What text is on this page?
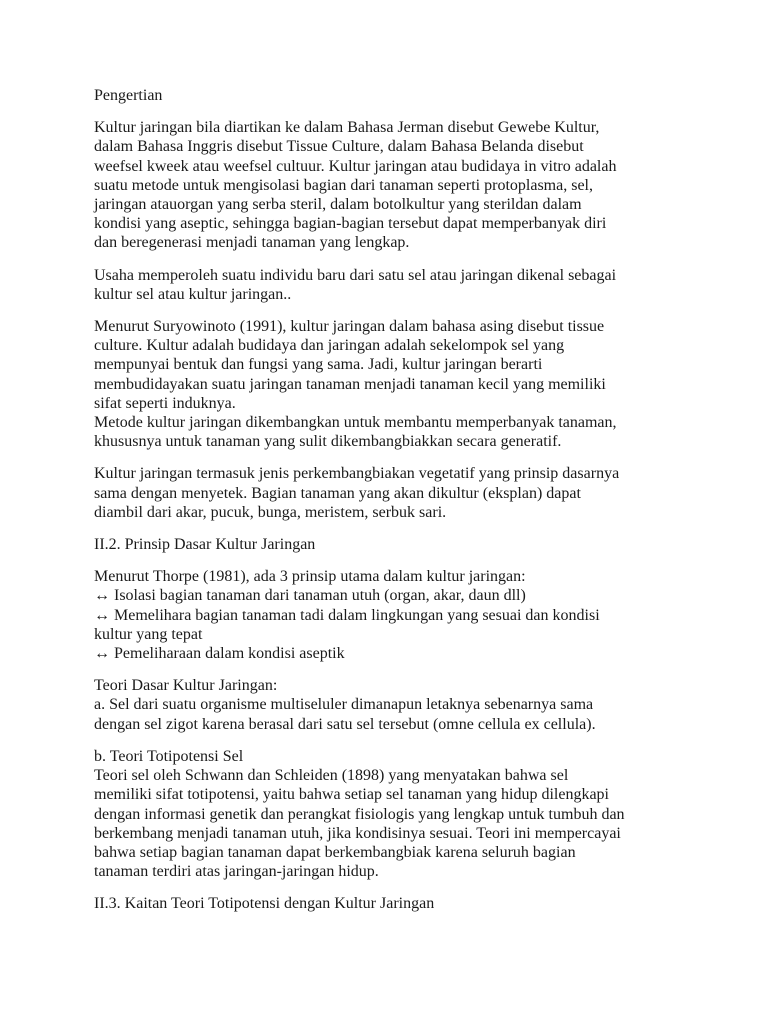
Pengertian

Kultur jaringan bila diartikan ke dalam Bahasa Jerman disebut Gewebe Kultur,
dalam Bahasa Inggris disebut Tissue Culture, dalam Bahasa Belanda disebut
weefsel kweek atau weefsel cultuur. Kultur jaringan atau budidaya in vitro adalah
suatu metode untuk mengisolasi bagian dari tanaman seperti protoplasma, sel,
jaringan atauorgan yang serba steril, dalam botolkultur yang sterildan dalam
kondisi yang aseptic, sehingga bagian-bagian tersebut dapat memperbanyak diri
dan beregenerasi menjadi tanaman yang lengkap.

Usaha memperoleh suatu individu baru dari satu sel atau jaringan dikenal sebagai
kultur sel atau kultur jaringan..

Menurut Suryowinoto (1991), kultur jaringan dalam bahasa asing disebut tissue
culture. Kultur adalah budidaya dan jaringan adalah sekelompok sel yang
mempunyai bentuk dan fungsi yang sama. Jadi, kultur jaringan berarti
membudidayakan suatu jaringan tanaman menjadi tanaman kecil yang memiliki
sifat seperti induknya.
Metode kultur jaringan dikembangkan untuk membantu memperbanyak tanaman,
khususnya untuk tanaman yang sulit dikembangbiakkan secara generatif.

Kultur jaringan termasuk jenis perkembangbiakan vegetatif yang prinsip dasarnya
sama dengan menyetek. Bagian tanaman yang akan dikultur (eksplan) dapat
diambil dari akar, pucuk, bunga, meristem, serbuk sari.

II.2. Prinsip Dasar Kultur Jaringan

Menurut Thorpe (1981), ada 3 prinsip utama dalam kultur jaringan:
↔ Isolasi bagian tanaman dari tanaman utuh (organ, akar, daun dll)
↔ Memelihara bagian tanaman tadi dalam lingkungan yang sesuai dan kondisi
kultur yang tepat
↔ Pemeliharaan dalam kondisi aseptik

Teori Dasar Kultur Jaringan:
a. Sel dari suatu organisme multiseluler dimanapun letaknya sebenarnya sama
dengan sel zigot karena berasal dari satu sel tersebut (omne cellula ex cellula).

b. Teori Totipotensi Sel
Teori sel oleh Schwann dan Schleiden (1898) yang menyatakan bahwa sel
memiliki sifat totipotensi, yaitu bahwa setiap sel tanaman yang hidup dilengkapi
dengan informasi genetik dan perangkat fisiologis yang lengkap untuk tumbuh dan
berkembang menjadi tanaman utuh, jika kondisinya sesuai. Teori ini mempercayai
bahwa setiap bagian tanaman dapat berkembangbiak karena seluruh bagian
tanaman terdiri atas jaringan-jaringan hidup.

II.3. Kaitan Teori Totipotensi dengan Kultur Jaringan
